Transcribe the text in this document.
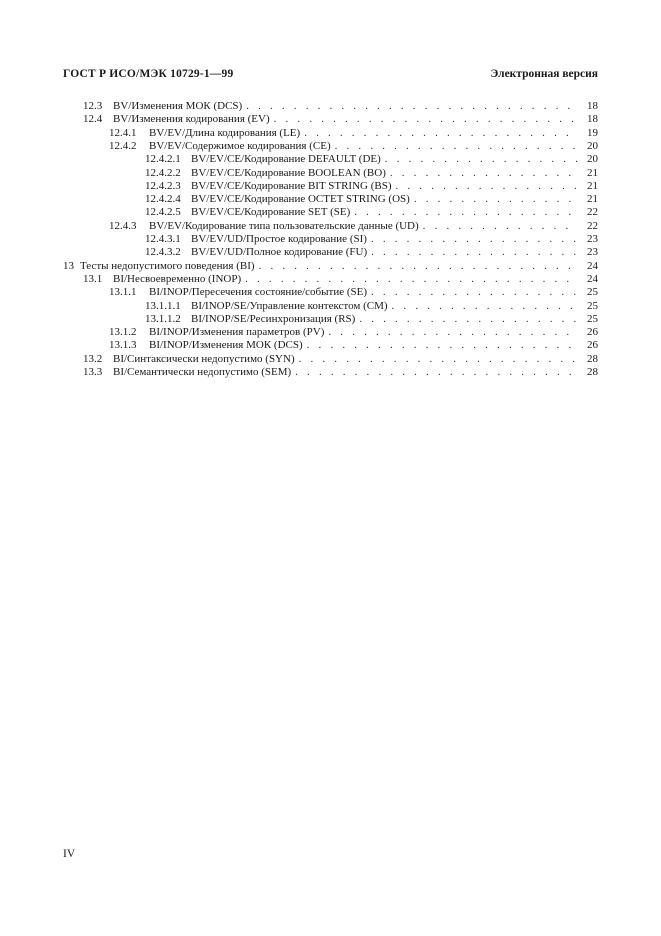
ГОСТ Р ИСО/МЭК 10729-1—99	Электронная версия
12.3 BV/Изменения МОК (DCS) . . .	18
12.4 BV/Изменения кодирования (EV) . . .	18
12.4.1	BV/EV/Длина кодирования (LE) . . .	19
12.4.2	BV/EV/Содержимое кодирования (CE) . . .	20
12.4.2.1 BV/EV/CE/Кодирование DEFAULT (DE) . . .	20
12.4.2.2 BV/EV/CE/Кодирование BOOLEAN (BO) . . .	21
12.4.2.3 BV/EV/CE/Кодирование BIT STRING (BS) . . .	21
12.4.2.4 BV/EV/CE/Кодирование OCTET STRING (OS) . . .	21
12.4.2.5 BV/EV/CE/Кодирование SET (SE) . . .	22
12.4.3	BV/EV/Кодирование типа пользовательские данные (UD) . . .	22
12.4.3.1 BV/EV/UD/Простое кодирование (SI) . . .	23
12.4.3.2 BV/EV/UD/Полное кодирование (FU) . . .	23
13 Тесты недопустимого поведения (BI) . . .	24
13.1 BI/Несвоевременно (INOP) . . .	24
13.1.1	BI/INOP/Пересечения состояние/событие (SE) . . .	25
13.1.1.1 BI/INOP/SE/Управление контекстом (CM) . . .	25
13.1.1.2 BI/INOP/SE/Ресинхронизация (RS) . . .	25
13.1.2	BI/INOP/Изменения параметров (PV) . . .	26
13.1.3	BI/INOP/Изменения МОК (DCS) . . .	26
13.2 BI/Синтаксически недопустимо (SYN) . . .	28
13.3 BI/Семантически недопустимо (SEM) . . .	28
IV
